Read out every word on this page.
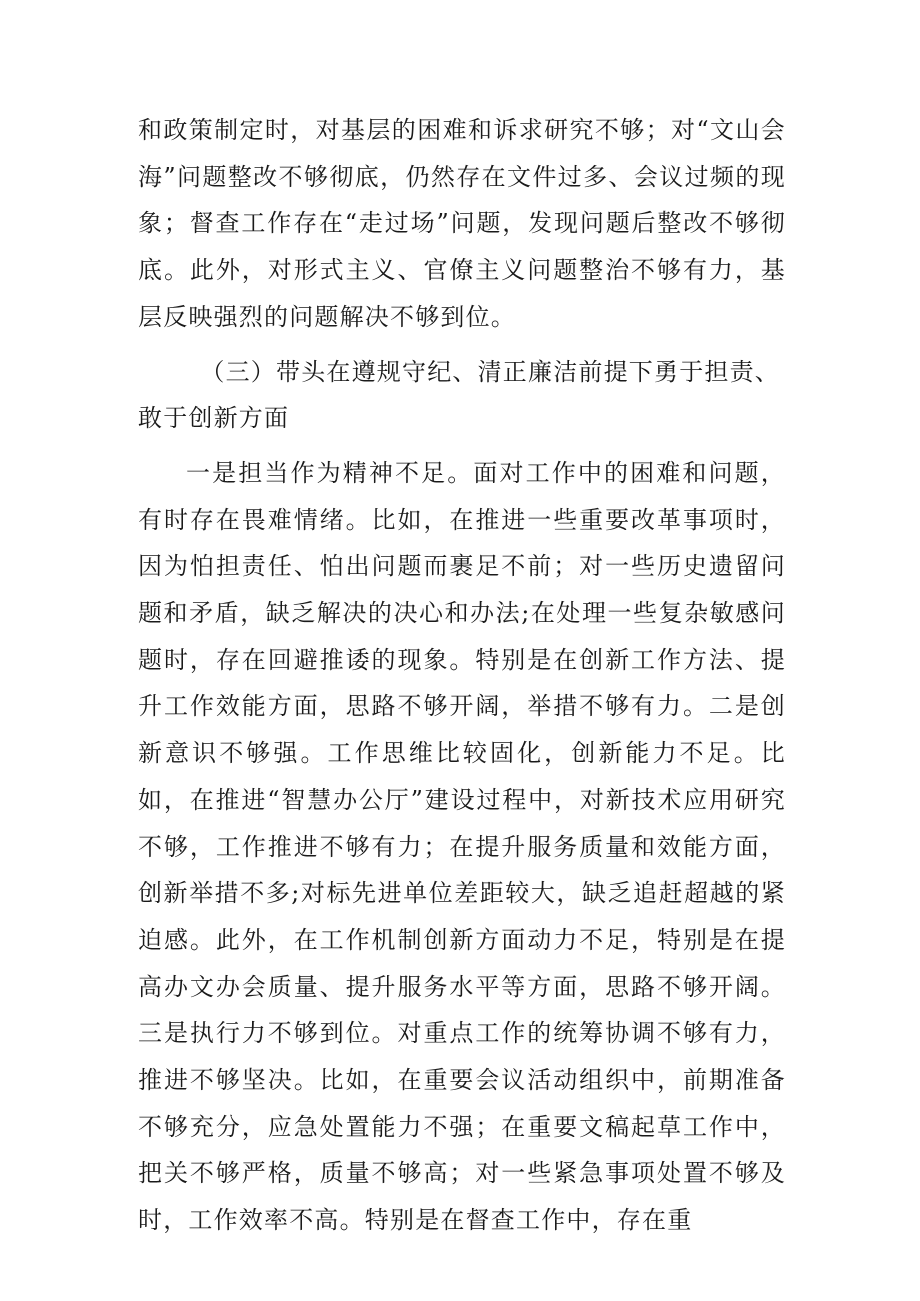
和政策制定时，对基层的困难和诉求研究不够；对“文山会海”问题整改不够彻底，仍然存在文件过多、会议过频的现象；督查工作存在“走过场”问题，发现问题后整改不够彻底。此外，对形式主义、官僚主义问题整治不够有力，基层反映强烈的问题解决不够到位。

（三）带头在遵规守纪、清正廉洁前提下勇于担责、敢于创新方面

一是担当作为精神不足。面对工作中的困难和问题，有时存在畏难情绪。比如，在推进一些重要改革事项时，因为怕担责任、怕出问题而裹足不前；对一些历史遗留问题和矛盾，缺乏解决的决心和办法;在处理一些复杂敏感问题时，存在回避推诿的现象。特别是在创新工作方法、提升工作效能方面，思路不够开阔，举措不够有力。二是创新意识不够强。工作思维比较固化，创新能力不足。比如，在推进“智慧办公厅”建设过程中，对新技术应用研究不够，工作推进不够有力；在提升服务质量和效能方面，创新举措不多;对标先进单位差距较大，缺乏追赶超越的紧迫感。此外，在工作机制创新方面动力不足，特别是在提高办文办会质量、提升服务水平等方面，思路不够开阔。三是执行力不够到位。对重点工作的统筹协调不够有力，推进不够坚决。比如，在重要会议活动组织中，前期准备不够充分，应急处置能力不强；在重要文稿起草工作中，把关不够严格，质量不够高；对一些紧急事项处置不够及时，工作效率不高。特别是在督查工作中，存在重
